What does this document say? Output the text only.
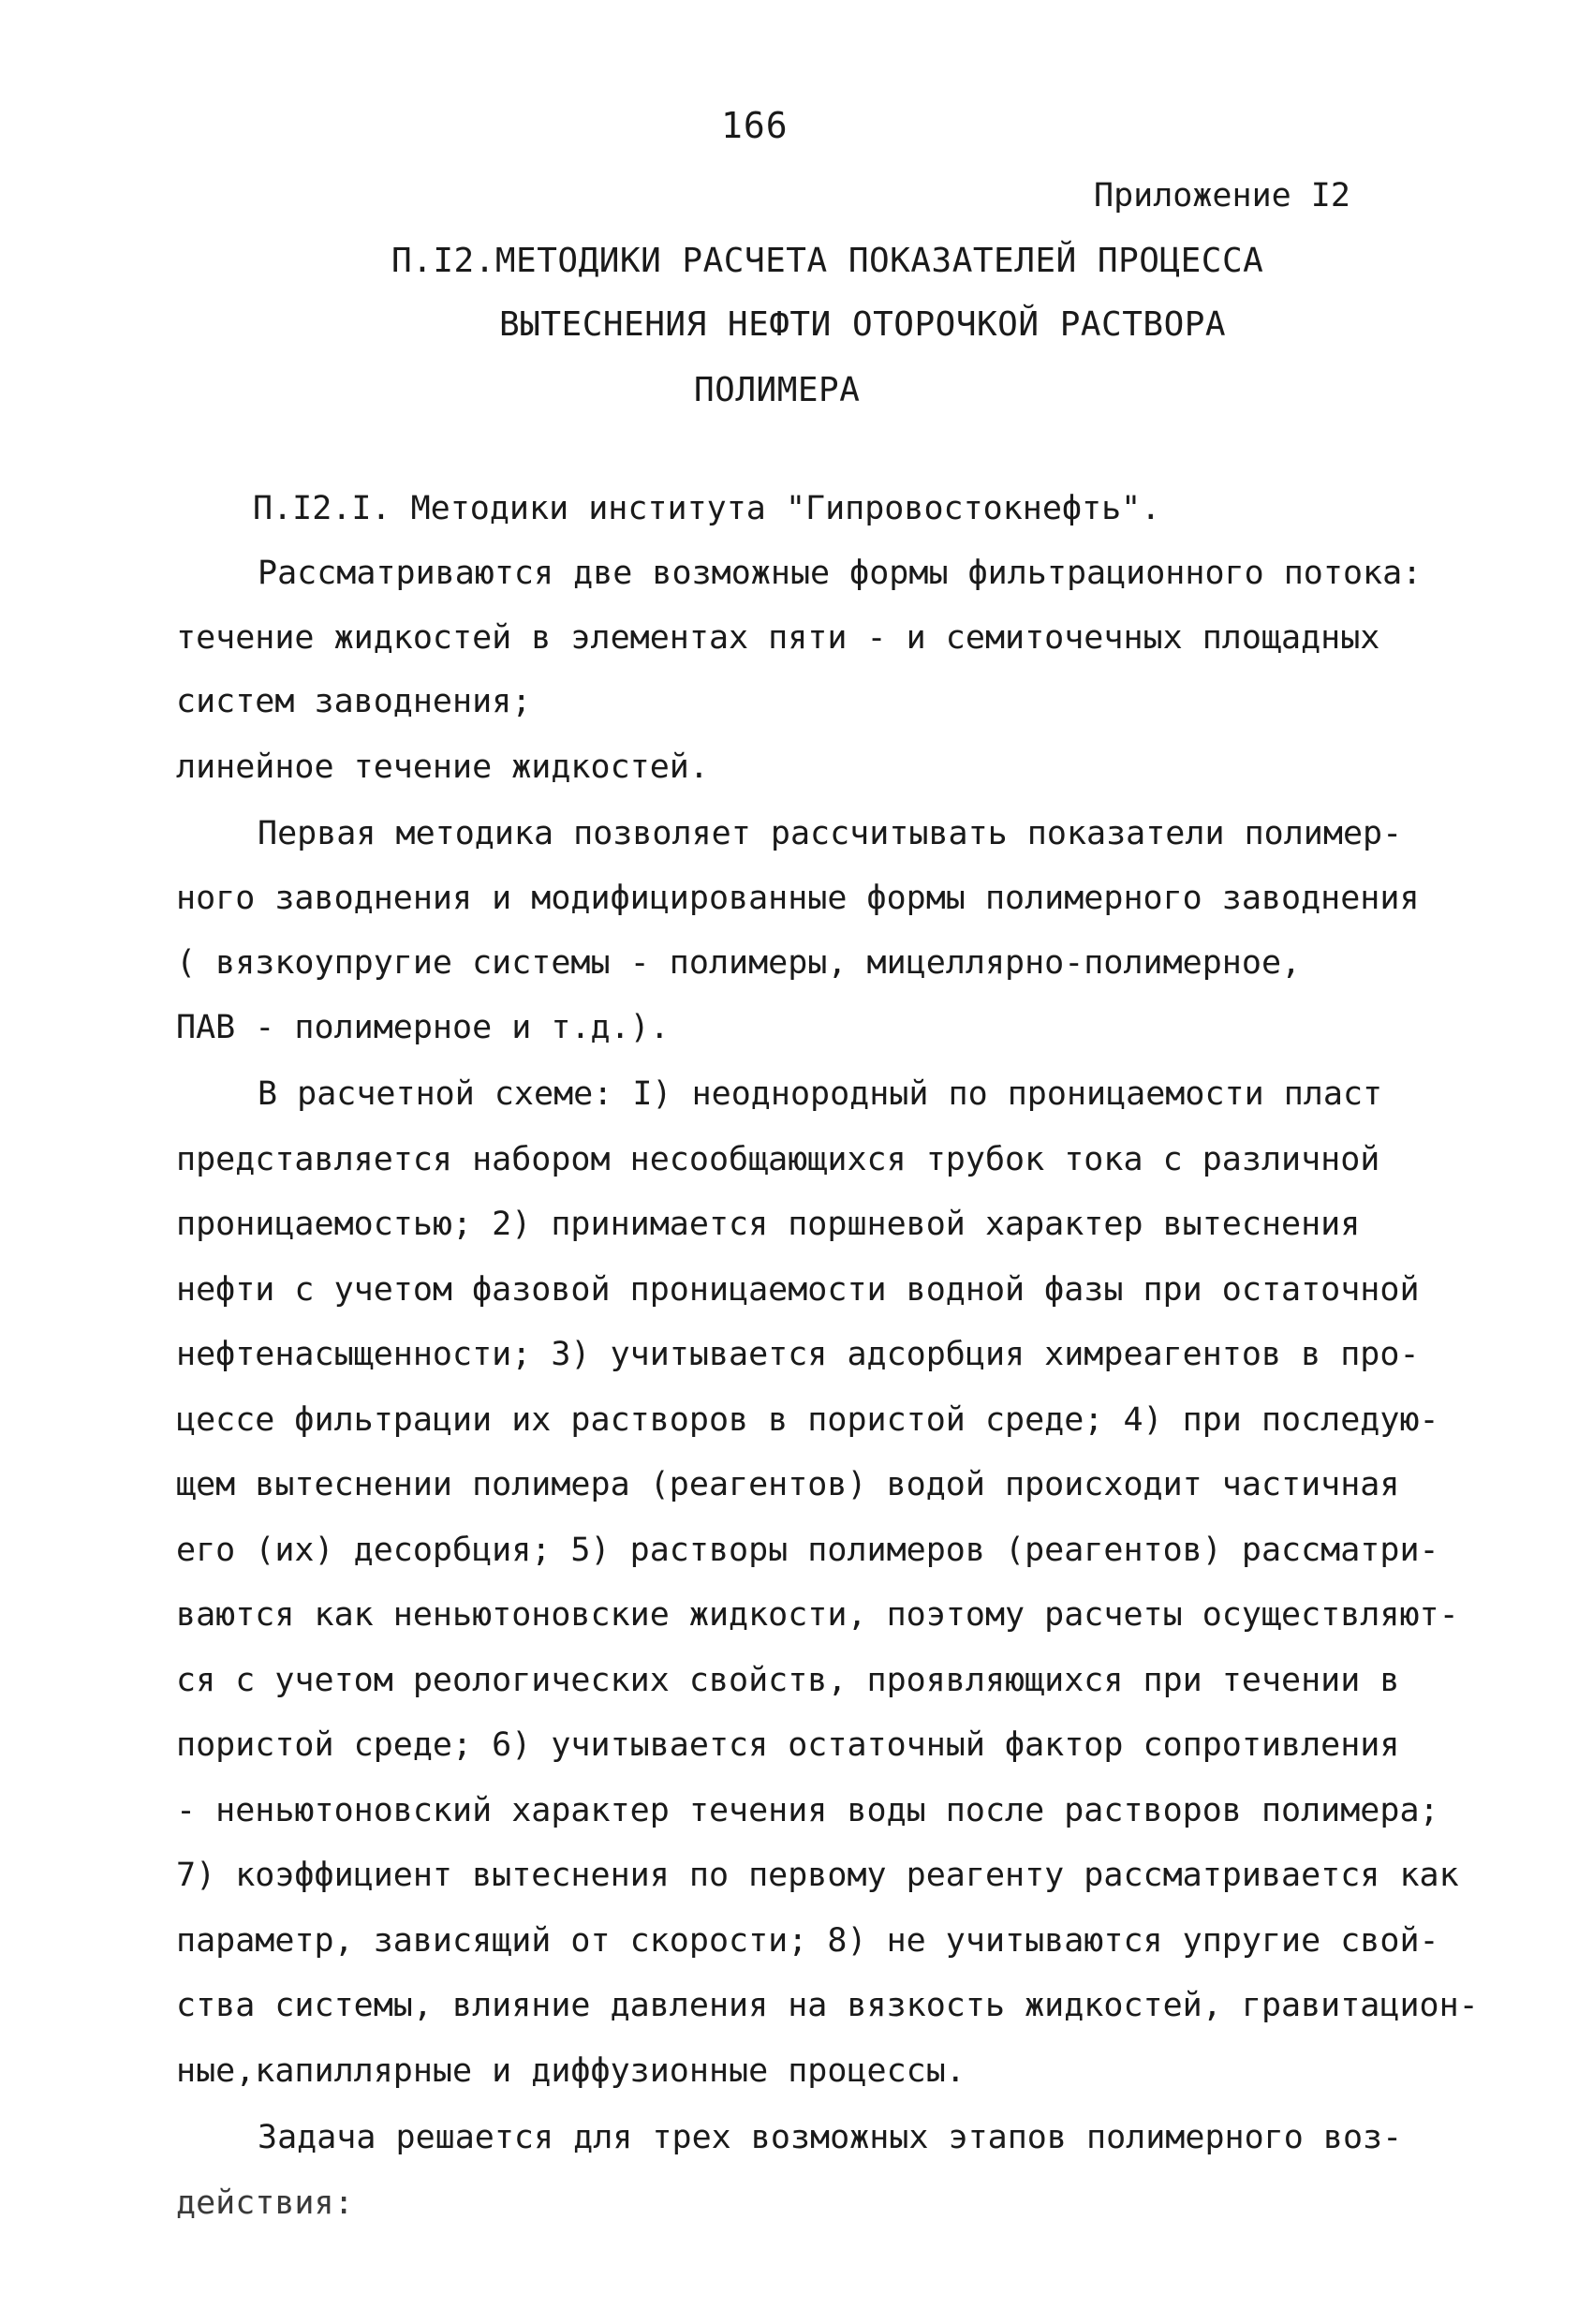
166
Приложение I2
П.I2.МЕТОДИКИ РАСЧЕТА ПОКАЗАТЕЛЕЙ ПРОЦЕССА
ВЫТЕСНЕНИЯ НЕФТИ ОТОРОЧКОЙ РАСТВОРА
ПОЛИМЕРА
П.I2.I. Методики института "Гипровостокнефть".
Рассматриваются две возможные формы фильтрационного потока:
течение жидкостей в элементах пяти - и семиточечных площадных
систем заводнения;
линейное течение жидкостей.
Первая методика позволяет рассчитывать показатели полимер-
ного заводнения и модифицированные формы полимерного заводнения
( вязкоупругие системы - полимеры, мицеллярно-полимерное,
ПАВ - полимерное и т.д.).
В расчетной схеме: I) неоднородный по проницаемости пласт
представляется набором несообщающихся трубок тока с различной
проницаемостью; 2) принимается поршневой характер вытеснения
нефти с учетом фазовой проницаемости водной фазы при остаточной
нефтенасыщенности; 3) учитывается адсорбция химреагентов в про-
цессе фильтрации их растворов в пористой среде; 4) при последую-
щем вытеснении полимера (реагентов) водой происходит частичная
его (их) десорбция; 5) растворы полимеров (реагентов) рассматри-
ваются как неньютоновские жидкости, поэтому расчеты осуществляют-
ся с учетом реологических свойств, проявляющихся при течении в
пористой среде; 6) учитывается остаточный фактор сопротивления
- неньютоновский характер течения воды после растворов полимера;
7) коэффициент вытеснения по первому реагенту рассматривается как
параметр, зависящий от скорости; 8) не учитываются упругие свой-
ства системы, влияние давления на вязкость жидкостей, гравитацион-
ные,капиллярные и диффузионные процессы.
Задача решается для трех возможных этапов полимерного воз-
действия:
